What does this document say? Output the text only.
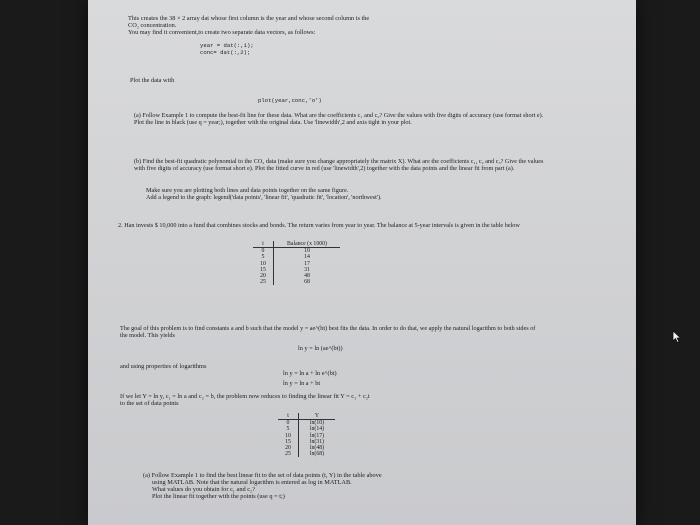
This creates the 38 × 2 array dat whose first column is the year and whose second column is the
CO₂ concentration.
You may find it convenient,to create two separate data vectors, as follows:
year = dat(:,1);
conc= dat(:,2);
Plot the data with
plot(year,conc,'o')
(a) Follow Example 1 to compute the best-fit line for these data. What are the coefficients c₁ and c₂? Give the values with five digits of accuracy (use format short e). Plot the line in black (use q = year;), together with the original data. Use 'linewidth',2 and axis tight in your plot.
(b) Find the best-fit quadratic polynomial to the CO₂ data (make sure you change appropriately the matrix X). What are the coefficients c₁, c₂ and c₃? Give the values with five digits of accuracy (use format short e). Plot the fitted curve in red (use 'linewidth',2) together with the data points and the linear fit from part (a).
Make sure you are plotting both lines and data points together on the same figure.
Add a legend to the graph: legend('data points', 'linear fit', 'quadratic fit', 'location', 'northwest').
2. Han invests $ 10,000 into a fund that combines stocks and bonds. The return varies from year to year. The balance at 5-year intervals is given in the table below
t	Balance (x 1000)
0	10
5	14
10	17
15	31
20	48
25	68
The goal of this problem is to find constants a and b such that the model y = ae^(bt) best fits the data. In order to do that, we apply the natural logarithm to both sides of the model. This yields
ln y = ln (ae^(bt))
and using properties of logarithms
ln y = ln a + ln e^(bt)
ln y = ln a + bt
If we let Y = ln y, c₁ = ln a and c₂ = b, the problem now reduces to finding the linear fit Y = c₁ + c₂t
to the set of data points
t	Y
0	ln(10)
5	ln(14)
10	ln(17)
15	ln(31)
20	ln(48)
25	ln(68)
(a) Follow Example 1 to find the best linear fit to the set of data points (t, Y) in the table above
using MATLAB. Note that the natural logarithm is entered as log in MATLAB.
What values do you obtain for c₁ and c₂?
Plot the linear fit together with the points (use q = t;)
